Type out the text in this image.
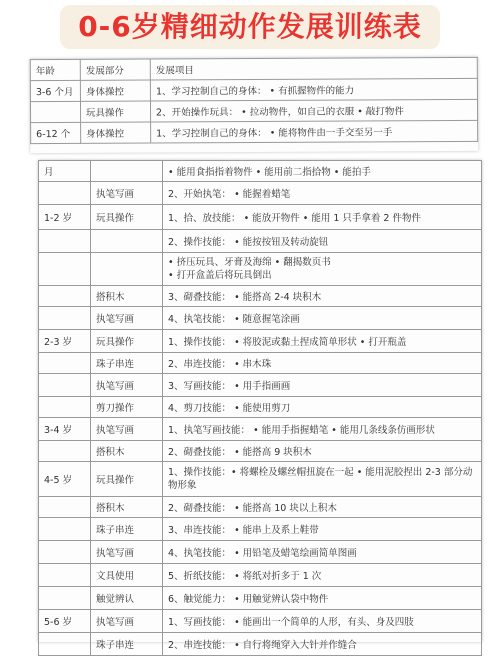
0-6岁精细动作发展训练表
年龄	发展部分	发展项目
3-6 个月	身体操控	1、学习控制自己的身体： • 有抓握物件的能力
	玩具操作	2、开始操作玩具： • 拉动物件，如自己的衣服 • 敲打物件
6-12 个	身体操控	1、学习控制自己的身体： • 能将物件由一手交至另一手
月		• 能用食指指着物件 • 能用前二指拾物 • 能拍手
	执笔写画	2、开始执笔： • 能握着蜡笔
1-2 岁	玩具操作	1、拾、放技能： • 能放开物件 • 能用 1 只手拿着 2 件物件
		2、操作技能： • 能按按钮及转动旋钮
		• 挤压玩具、牙膏及海绵 • 翻揭数页书
• 打开盒盖后将玩具倒出
	搭积木	3、砌叠技能： • 能搭高 2-4 块积木
	执笔写画	4、执笔技能： • 随意握笔涂画
2-3 岁	玩具操作	1、操作技能： • 将胶泥或黏土捏成简单形状 • 打开瓶盖
	珠子串连	2、串连技能： • 串木珠
	执笔写画	3、写画技能： • 用手指画画
	剪刀操作	4、剪刀技能： • 能使用剪刀
3-4 岁	执笔写画	1、执笔写画技能： • 能用手指握蜡笔 • 能用几条线条仿画形状
	搭积木	2、砌叠技能： • 能搭高 9 块积木
4-5 岁	玩具操作	1、操作技能：• 将螺栓及螺丝帽扭旋在一起 • 能用泥胶捏出 2-3 部分动物形象
	搭积木	2、砌叠技能： • 能搭高 10 块以上积木
	珠子串连	3、串连技能： • 能串上及系上鞋带
	执笔写画	4、执笔技能： • 用铅笔及蜡笔绘画简单图画
	文具使用	5、折纸技能： • 将纸对折多于 1 次
	触觉辨认	6、触觉能力： • 用触觉辨认袋中物件
5-6 岁	执笔写画	1、写画技能： • 能画出一个简单的人形，有头、身及四肢
	珠子串连	2、串连技能： • 自行将绳穿入大针并作缝合
